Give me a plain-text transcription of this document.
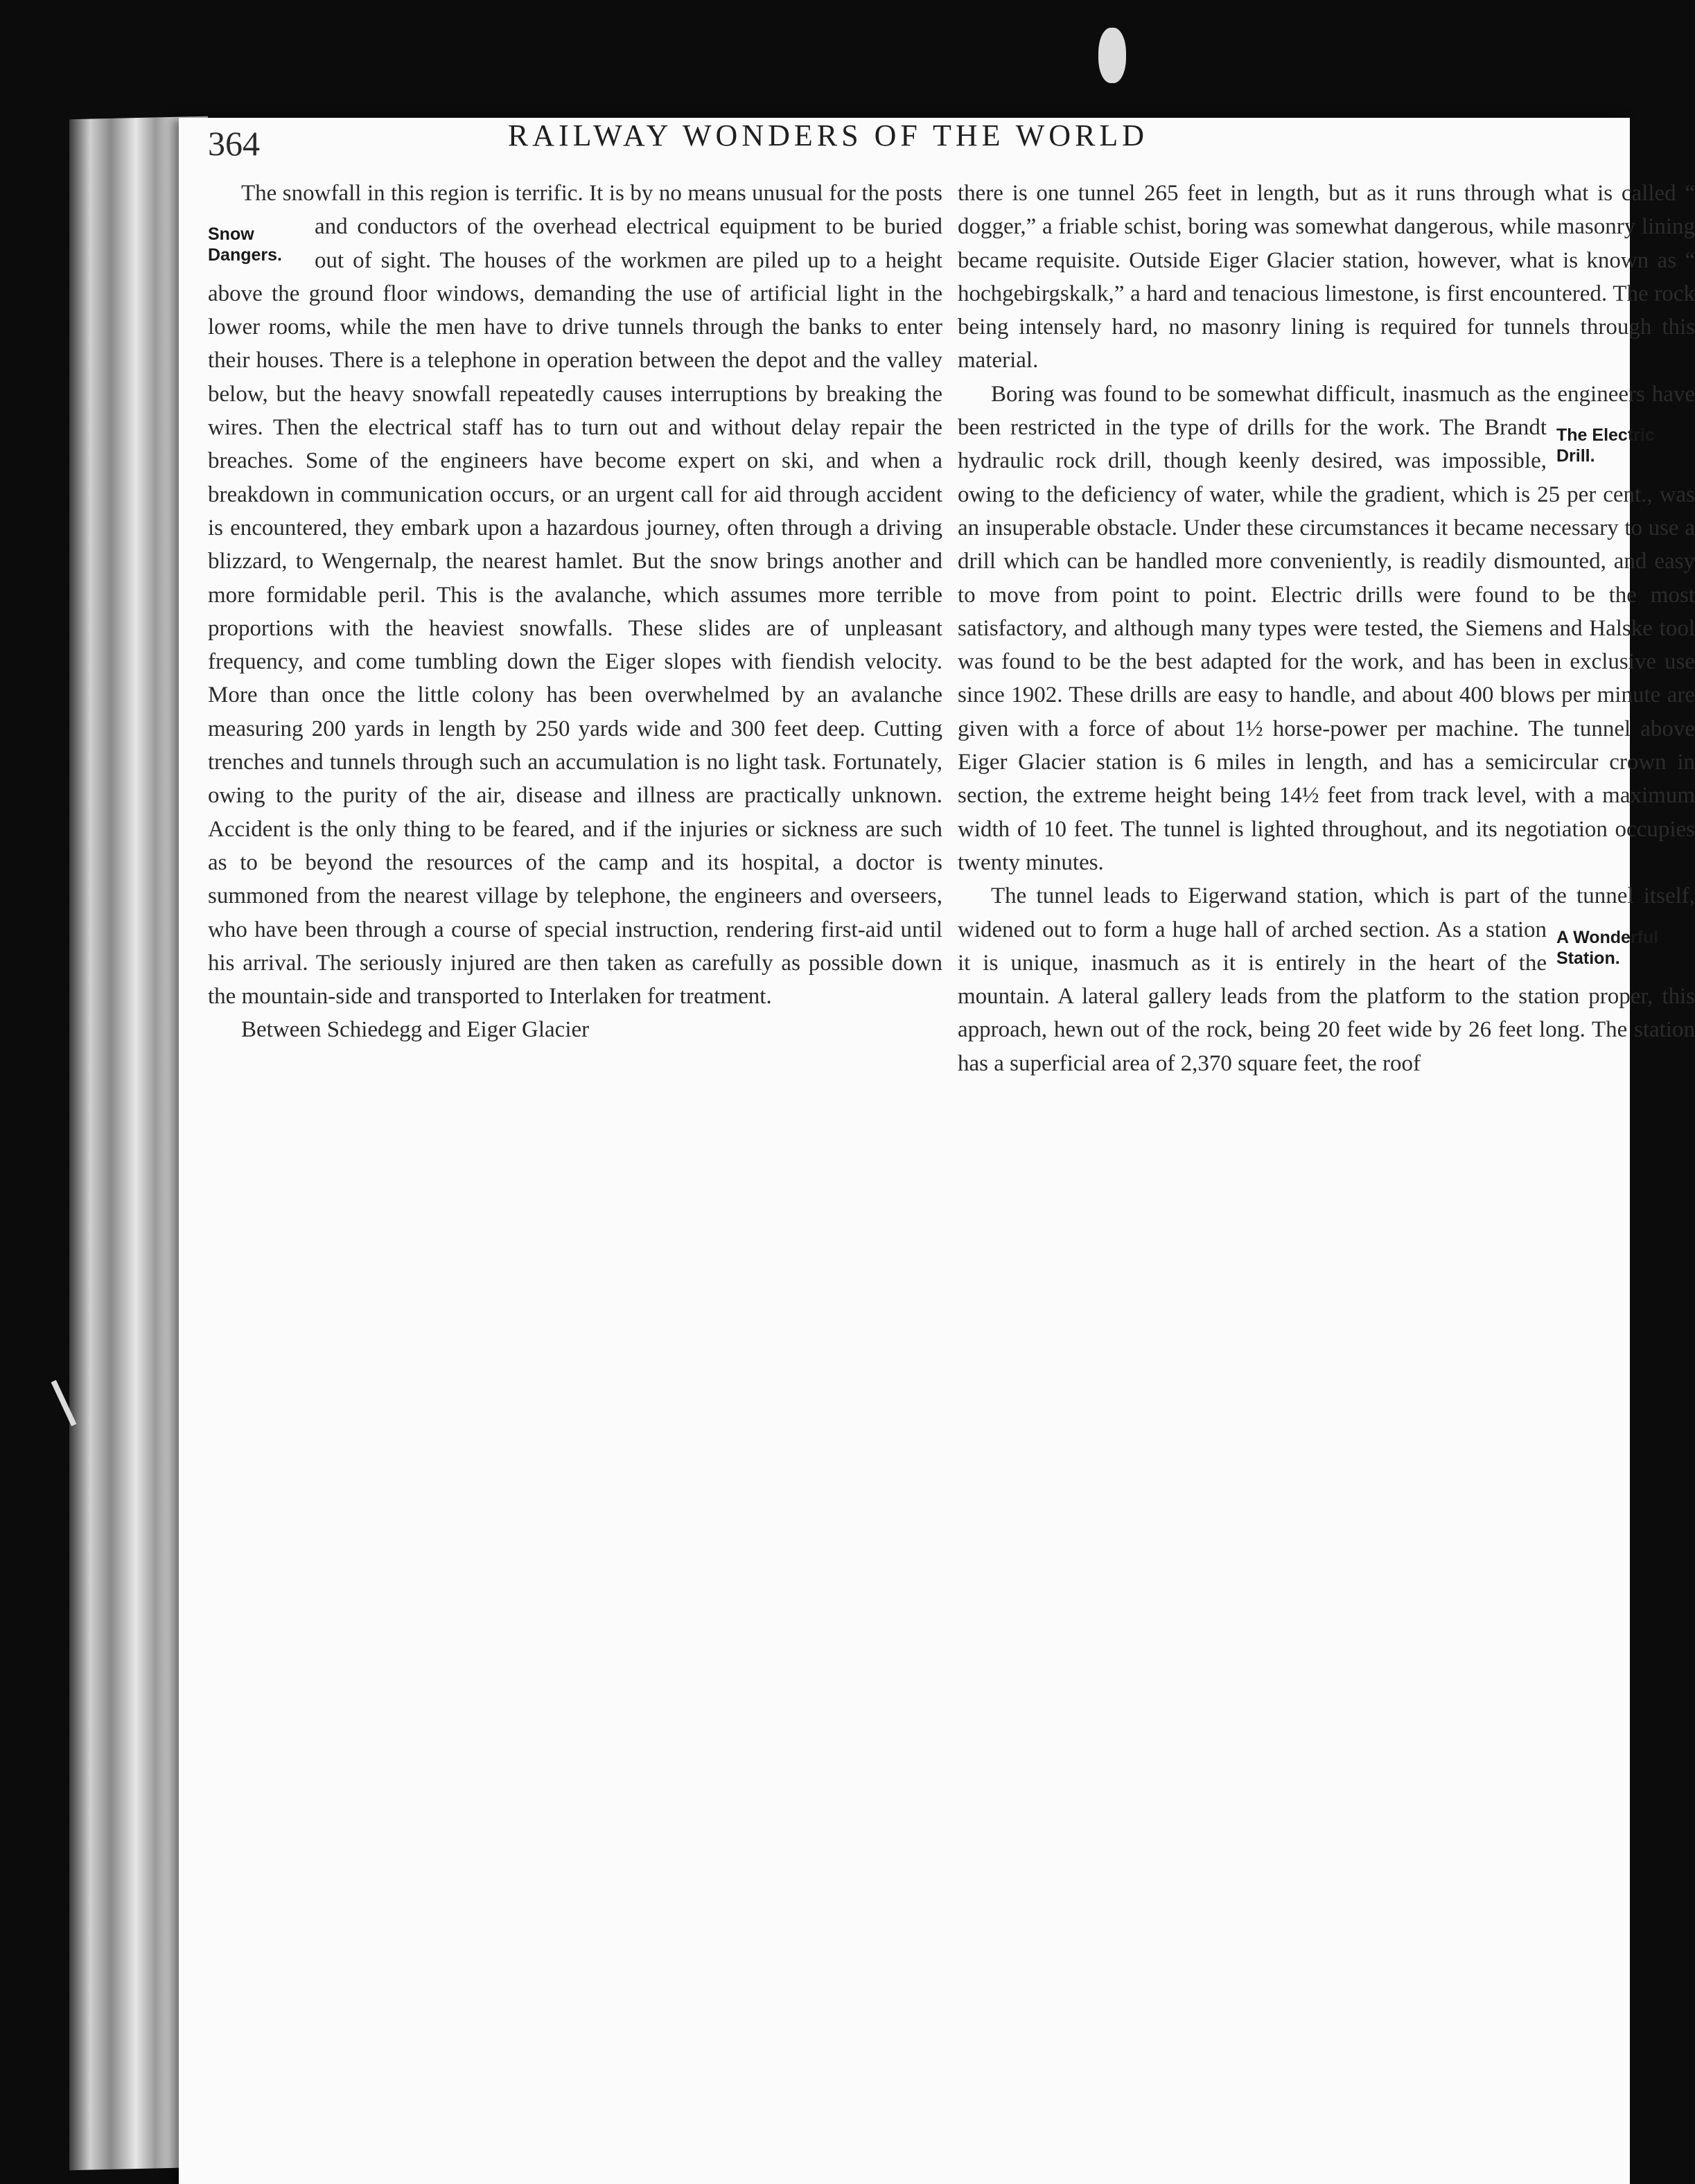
364	RAILWAY WONDERS OF THE WORLD

The snowfall in this region is terrific. It is by no means unusual for the posts
Snow Dangers.
and conductors of the overhead electrical equipment to be buried out of sight. The houses of the workmen are piled up to a height above the ground floor windows, demanding the use of artificial light in the lower rooms, while the men have to drive tunnels through the banks to enter their houses. There is a telephone in operation between the depot and the valley below, but the heavy snowfall repeatedly causes interruptions by breaking the wires. Then the electrical staff has to turn out and without delay repair the breaches. Some of the engineers have become expert on ski, and when a breakdown in communication occurs, or an urgent call for aid through accident is encountered, they embark upon a hazardous journey, often through a driving blizzard, to Wengernalp, the nearest hamlet. But the snow brings another and more formidable peril. This is the avalanche, which assumes more terrible proportions with the heaviest snowfalls. These slides are of unpleasant frequency, and come tumbling down the Eiger slopes with fiendish velocity. More than once the little colony has been overwhelmed by an avalanche measuring 200 yards in length by 250 yards wide and 300 feet deep. Cutting trenches and tunnels through such an accumulation is no light task. Fortunately, owing to the purity of the air, disease and illness are practically unknown. Accident is the only thing to be feared, and if the injuries or sickness are such as to be beyond the resources of the camp and its hospital, a doctor is summoned from the nearest village by telephone, the engineers and overseers, who have been through a course of special instruction, rendering first-aid until his arrival. The seriously injured are then taken as carefully as possible down the mountain-side and transported to Interlaken for treatment.

Between Schiedegg and Eiger Glacier

there is one tunnel 265 feet in length, but as it runs through what is called “ dogger,” a friable schist, boring was somewhat dangerous, while masonry lining became requisite. Outside Eiger Glacier station, however, what is known as “ hochgebirgskalk,” a hard and tenacious limestone, is first encountered. The rock being intensely hard, no masonry lining is required for tunnels through this material.

Boring was found to be somewhat difficult, inasmuch as the engineers have been restricted in the type of drills	The Electric Drill.
for the work. The Brandt hydraulic rock drill, though keenly desired, was impossible, owing to the deficiency of water, while the gradient, which is 25 per cent., was an insuperable obstacle. Under these circumstances it became necessary to use a drill which can be handled more conveniently, is readily dismounted, and easy to move from point to point. Electric drills were found to be the most satisfactory, and although many types were tested, the Siemens and Halske tool was found to be the best adapted for the work, and has been in exclusive use since 1902. These drills are easy to handle, and about 400 blows per minute are given with a force of about 1½ horse-power per machine. The tunnel above Eiger Glacier station is 6 miles in length, and has a semicircular crown in section, the extreme height being 14½ feet from track level, with a maximum width of 10 feet. The tunnel is lighted throughout, and its negotiation occupies twenty minutes.

The tunnel leads to Eigerwand station, which is part of the tunnel itself, widened	A Wonderful Station.
out to form a huge hall of arched section. As a station it is unique, inasmuch as it is entirely in the heart of the mountain. A lateral gallery leads from the platform to the station proper, this approach, hewn out of the rock, being 20 feet wide by 26 feet long. The station has a superficial area of 2,370 square feet, the roof
